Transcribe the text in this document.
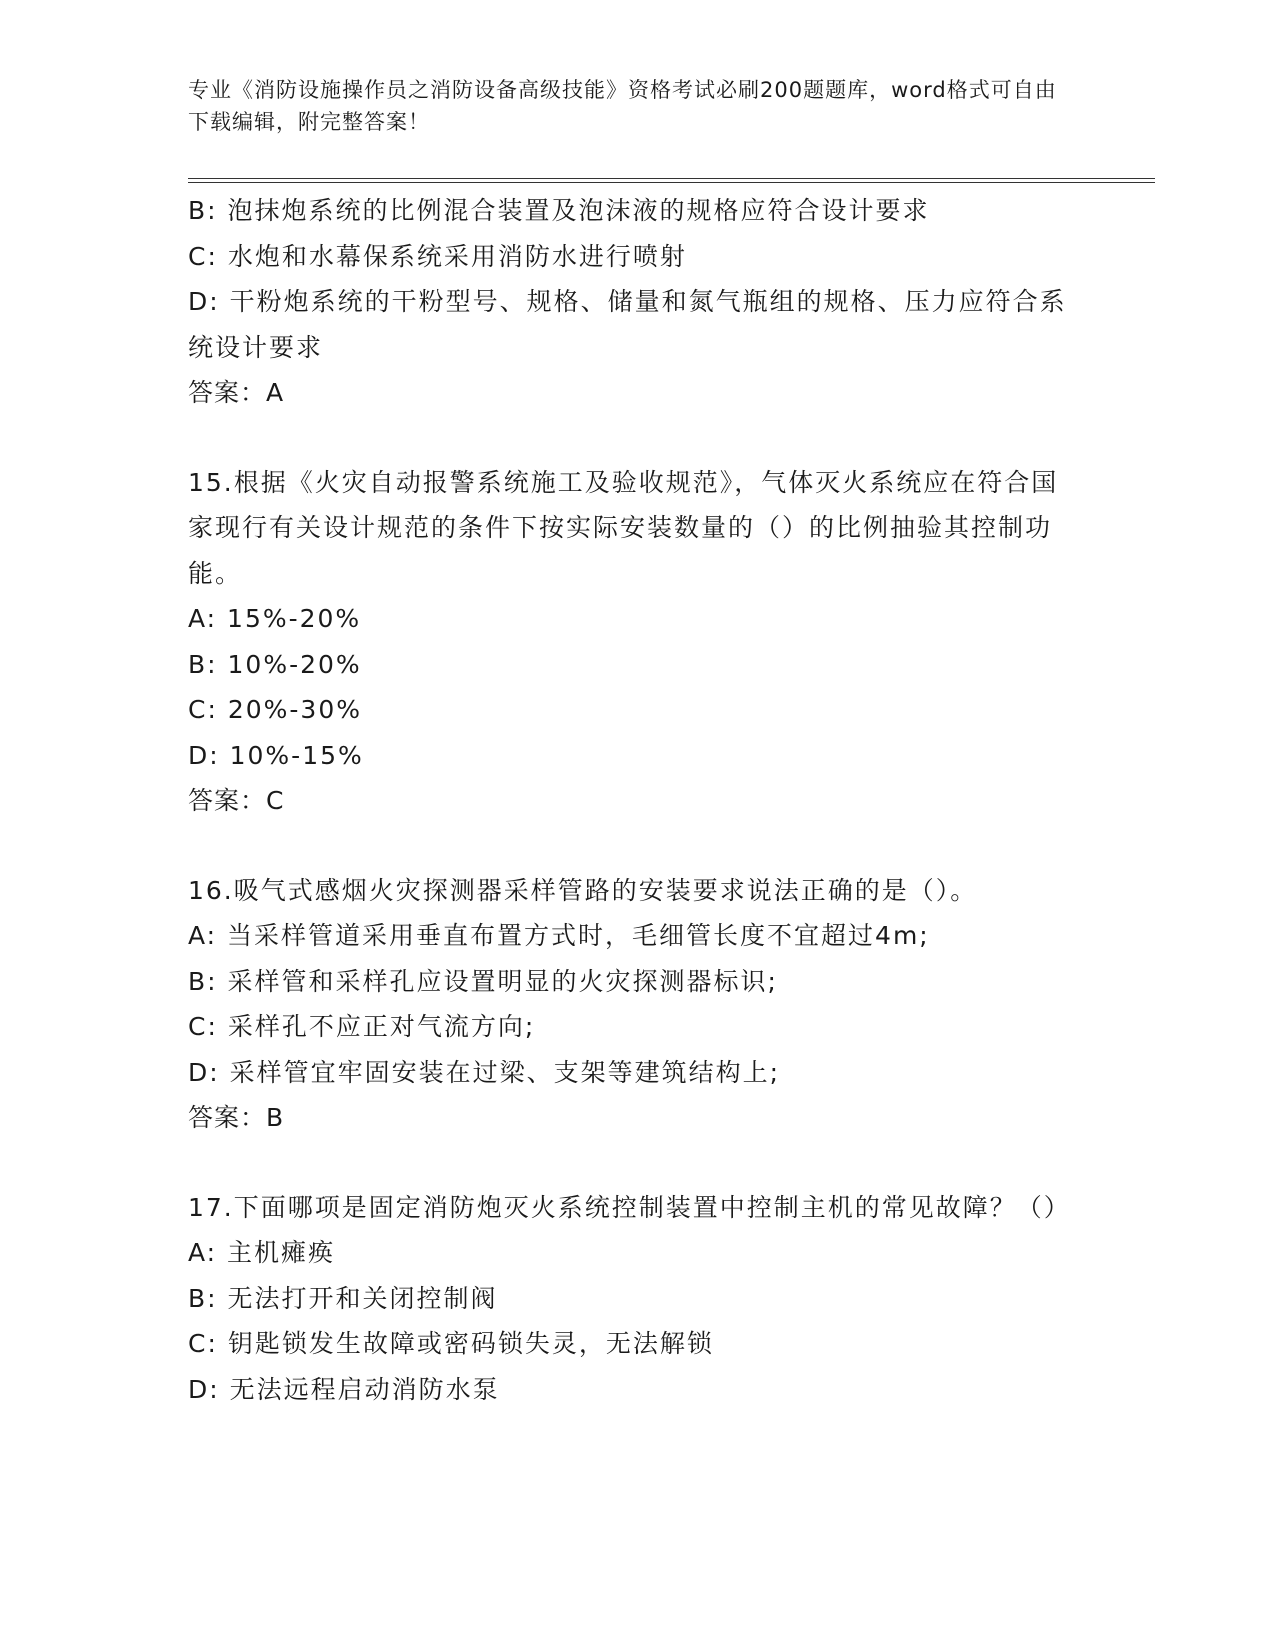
专业《消防设施操作员之消防设备高级技能》资格考试必刷200题题库，word格式可自由下载编辑，附完整答案！

B: 泡抹炮系统的比例混合装置及泡沫液的规格应符合设计要求

C: 水炮和水幕保系统采用消防水进行喷射

D: 干粉炮系统的干粉型号、规格、储量和氮气瓶组的规格、压力应符合系统设计要求

答案：A

15.根据《火灾自动报警系统施工及验收规范》，气体灭火系统应在符合国家现行有关设计规范的条件下按实际安装数量的（）的比例抽验其控制功能。

A: 15%-20%

B: 10%-20%

C: 20%-30%

D: 10%-15%

答案：C

16.吸气式感烟火灾探测器采样管路的安装要求说法正确的是（）。

A: 当采样管道采用垂直布置方式时，毛细管长度不宜超过4m;

B: 采样管和采样孔应设置明显的火灾探测器标识;

C: 采样孔不应正对气流方向;

D: 采样管宜牢固安装在过梁、支架等建筑结构上;

答案：B

17.下面哪项是固定消防炮灭火系统控制装置中控制主机的常见故障？（）

A: 主机瘫痪

B: 无法打开和关闭控制阀

C: 钥匙锁发生故障或密码锁失灵，无法解锁

D: 无法远程启动消防水泵
